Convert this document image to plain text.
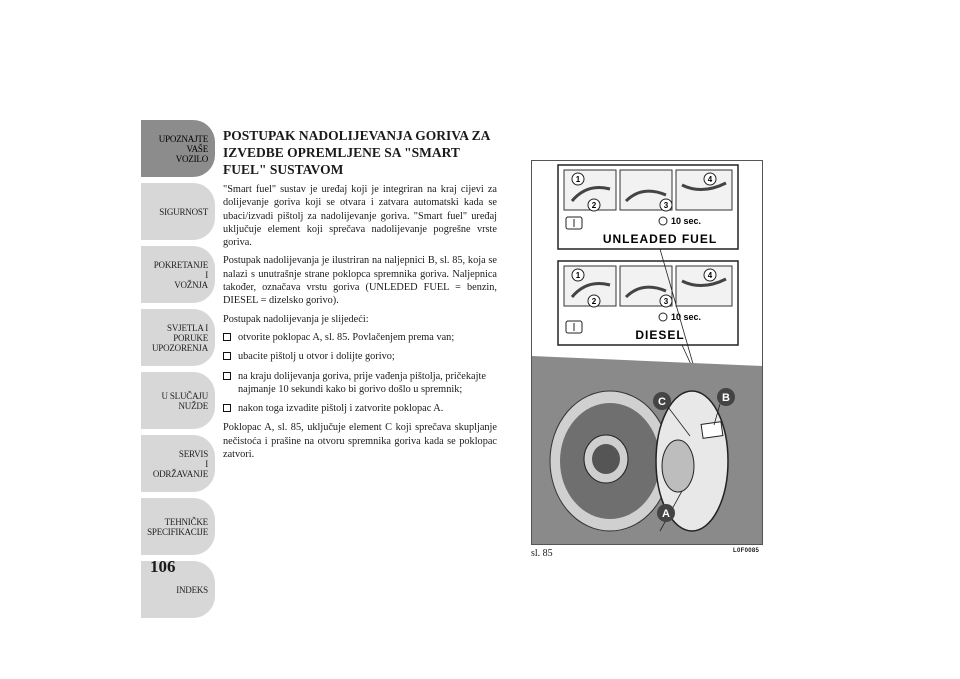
UPOZNAJTE
VAŠE
VOZILO
SIGURNOST
POKRETANJE
I
VOŽNJA
SVJETLA I
PORUKE
UPOZORENJA
U SLUČAJU
NUŽDE
SERVIS
I
ODRŽAVANJE
TEHNIČKE
SPECIFIKACIJE
INDEKS
106
POSTUPAK NADOLIJEVANJA GORIVA ZA IZVEDBE OPREMLJENE SA "SMART FUEL" SUSTAVOM

"Smart fuel" sustav je uređaj koji je integriran na kraj cijevi za dolijevanje goriva koji se otvara i zatvara automatski kada se ubaci/izvadi pištolj za nadolijevanje goriva. "Smart fuel" uređaj uključuje element koji sprečava nadolijevanje pogrešne vrste goriva.

Postupak nadolijevanja je ilustriran na naljepnici B, sl. 85, koja se nalazi s unutrašnje strane poklopca spremnika goriva. Naljepnica također, označava vrstu goriva (UNLEDED FUEL = benzin, DIESEL = dizelsko gorivo).

Postupak nadolijevanja je slijedeći:

otvorite poklopac A, sl. 85. Povlačenjem prema van;
ubacite pištolj u otvor i dolijte gorivo;
na kraju dolijevanja goriva, prije vađenja pištolja, pričekajte najmanje 10 sekundi kako bi gorivo došlo u spremnik;
nakon toga izvadite pištolj i zatvorite poklopac A.

Poklopac A, sl. 85, uključuje element C koji sprečava skupljanje nečistoća i prašine na otvoru spremnika goriva kada se poklopac zatvori.

1
2	3
4
10 sec.
UNLEADED FUEL
1
2	3
4
10 sec.
DIESEL
C	B
A
sl. 85	L0F0085
